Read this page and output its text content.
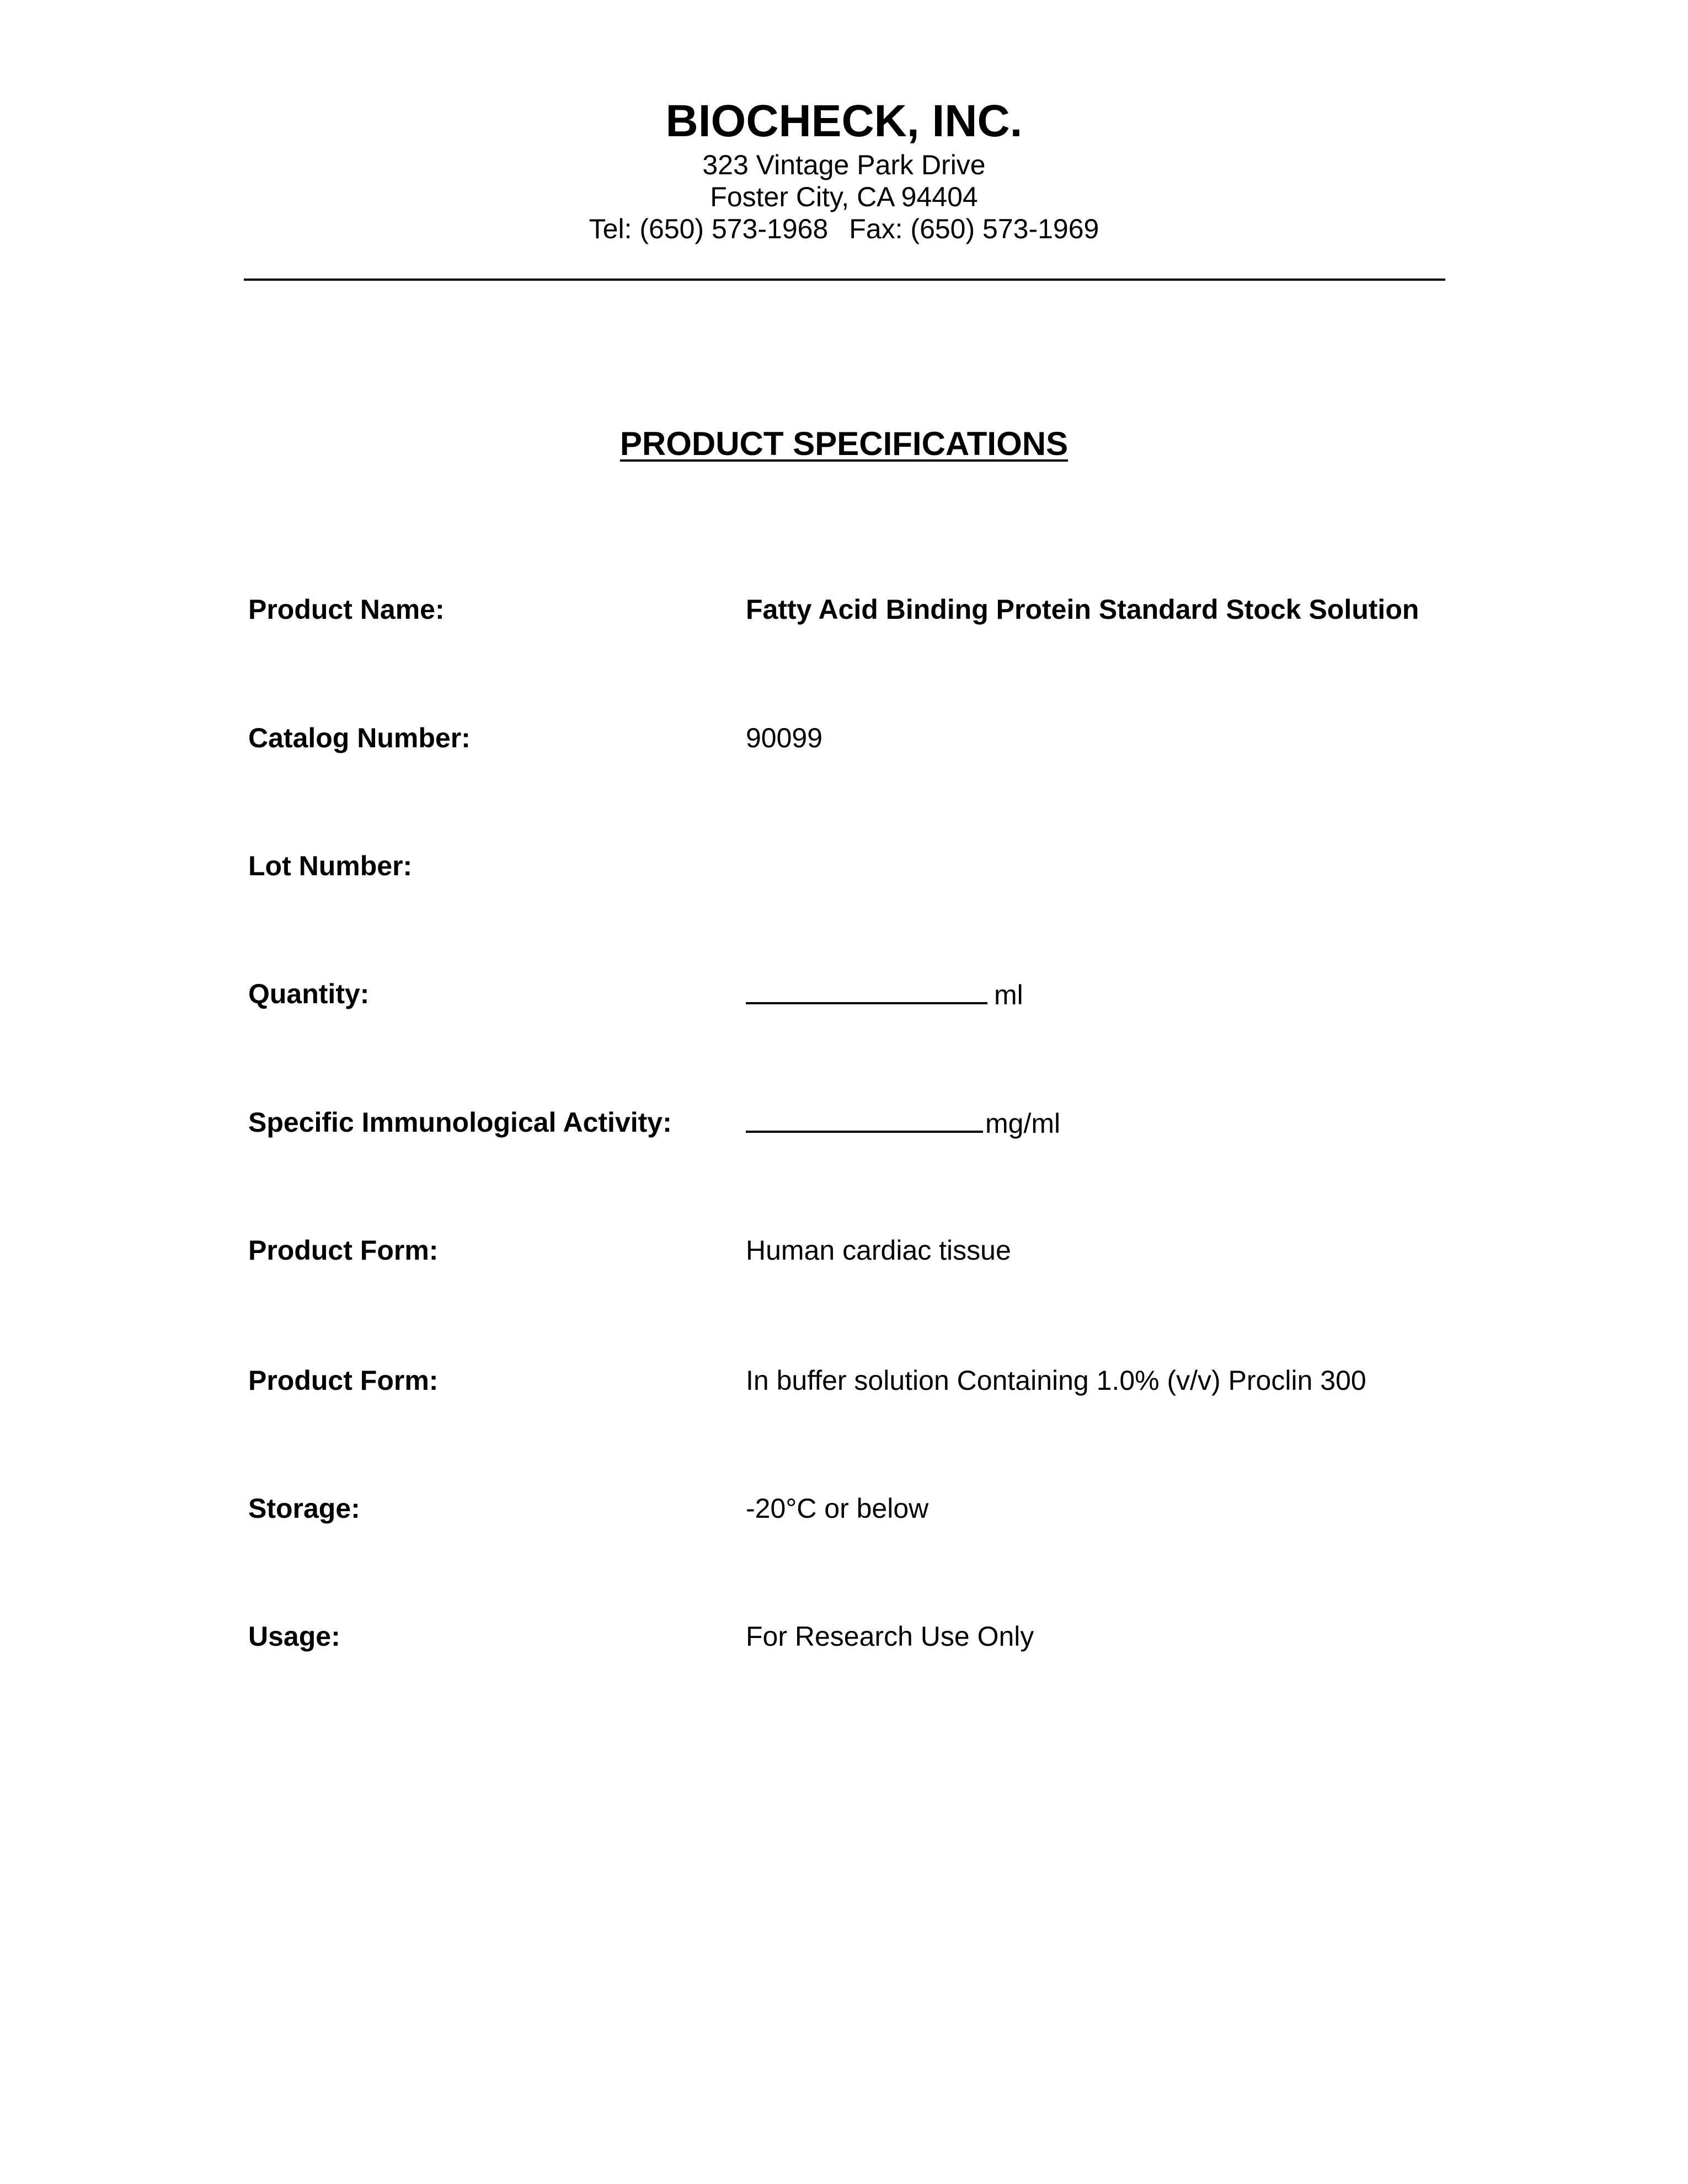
BIOCHECK, INC.
323 Vintage Park Drive
Foster City, CA 94404
Tel: (650) 573-1968 Fax: (650) 573-1969
PRODUCT SPECIFICATIONS
Product Name:	Fatty Acid Binding Protein Standard Stock Solution
Catalog Number:	90099
Lot Number:
Quantity:	ml
Specific Immunological Activity:	mg/ml
Product Form:	Human cardiac tissue
Product Form:	In buffer solution Containing 1.0% (v/v) Proclin 300
Storage:	-20°C or below
Usage:	For Research Use Only
